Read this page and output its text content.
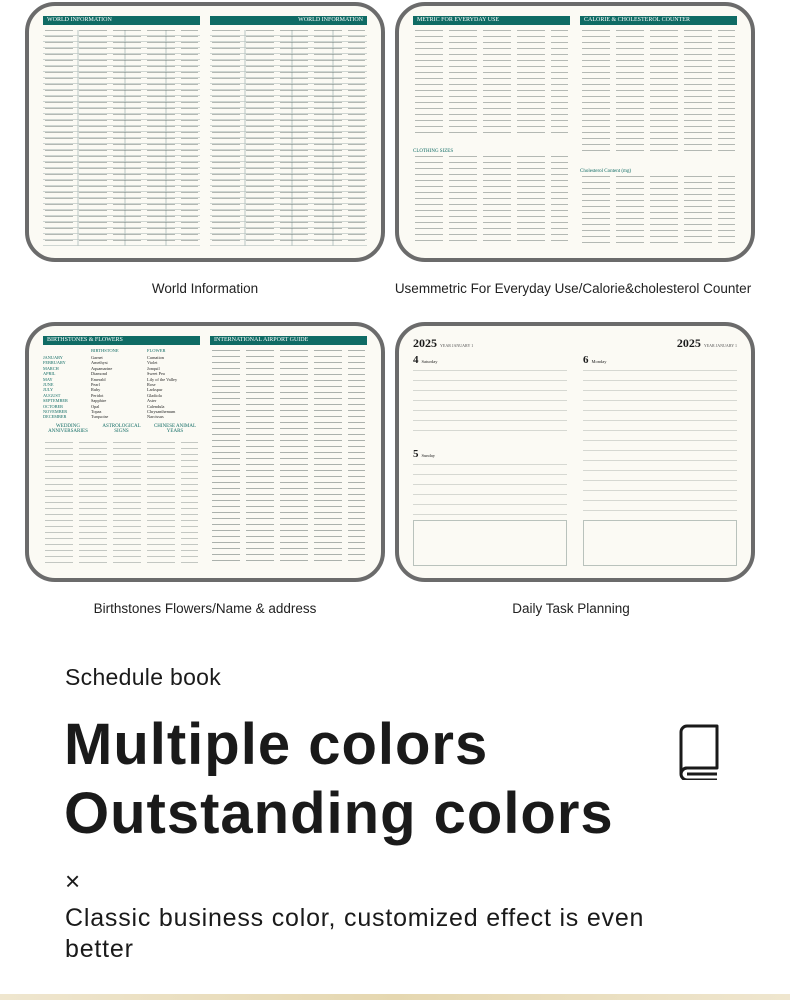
WORLD INFORMATION	WORLD INFORMATION
World Information
METRIC FOR EVERYDAY USE
CLOTHING SIZES
CALORIE & CHOLESTEROL COUNTER
Cholesterol Content (mg)
Usemmetric For Everyday Use/Calorie&cholesterol Counter
BIRTHSTONES & FLOWERS
BIRTHSTONE	FLOWER
JANUARY	Garnet	Carnation
FEBRUARY	Amethyst	Violet
MARCH	Aquamarine	Jonquil
APRIL	Diamond	Sweet Pea
MAY	Emerald	Lily of the Valley
JUNE	Pearl	Rose
JULY	Ruby	Larkspur
AUGUST	Peridot	Gladiola
SEPTEMBER	Sapphire	Aster
OCTOBER	Opal	Calendula
NOVEMBER	Topaz	Chrysanthemum
DECEMBER	Turquoise	Narcissus
WEDDING ANNIVERSARIES
ASTROLOGICAL SIGNS
CHINESE ANIMAL YEARS
INTERNATIONAL AIRPORT GUIDE
Birthstones Flowers/Name & address
2025 YEAR JANUARY 1
4 Saturday
5 Sunday
2025 YEAR JANUARY 1
6 Monday
Daily Task Planning
Schedule book
Multiple colors
Outstanding colors
×
Classic business color, customized effect is even better
